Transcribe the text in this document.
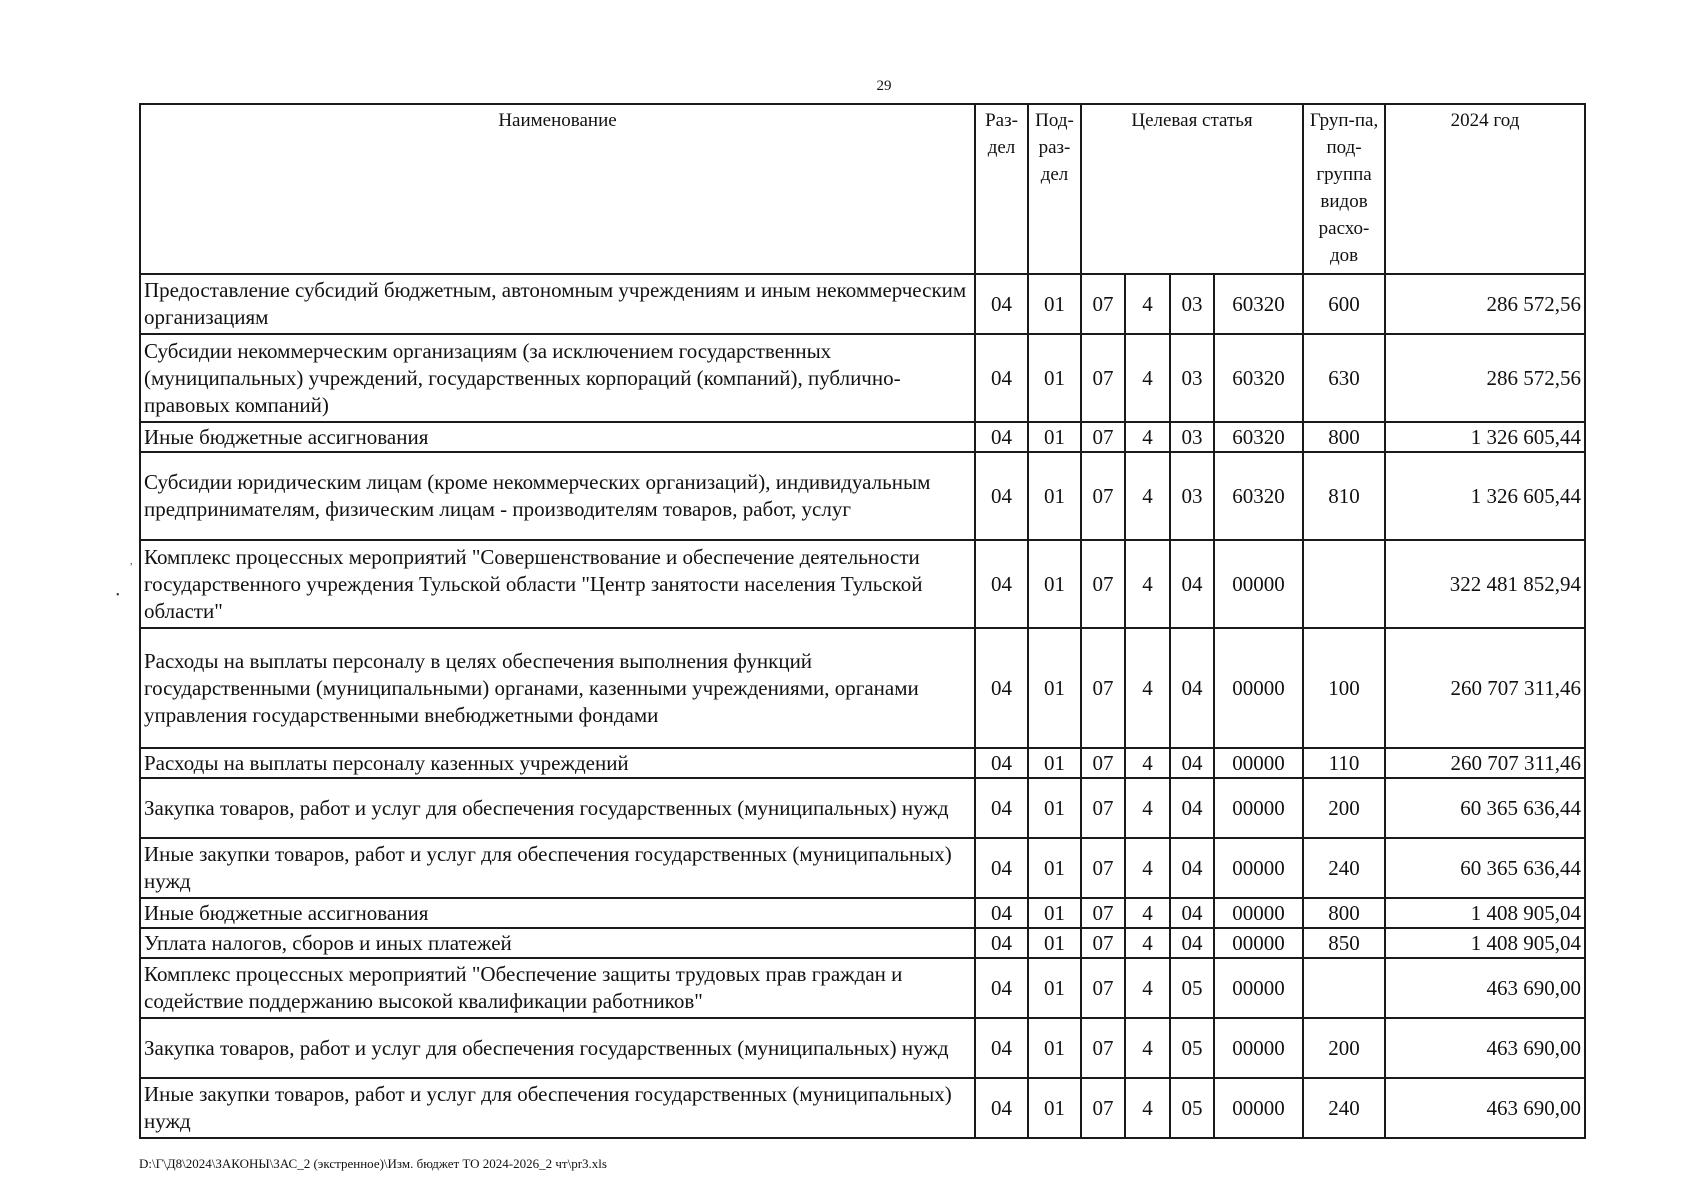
29
,
•
Наименование	Раз-дел	Под-раз-дел	Целевая статья				Груп-па, под-группа видов расхо-дов	2024 год
Предоставление субсидий бюджетным, автономным учреждениям и иным некоммерческим организациям	04	01	07	4	03	60320	600	286 572,56
Субсидии некоммерческим организациям (за исключением государственных (муниципальных) учреждений, государственных корпораций (компаний), публично-правовых компаний)	04	01	07	4	03	60320	630	286 572,56
Иные бюджетные ассигнования	04	01	07	4	03	60320	800	1 326 605,44
Субсидии юридическим лицам (кроме некоммерческих организаций), индивидуальным предпринимателям, физическим лицам - производителям товаров, работ, услуг	04	01	07	4	03	60320	810	1 326 605,44
Комплекс процессных мероприятий "Совершенствование и обеспечение деятельности государственного учреждения Тульской области "Центр занятости населения Тульской области"	04	01	07	4	04	00000		322 481 852,94
Расходы на выплаты персоналу в целях обеспечения выполнения функций государственными (муниципальными) органами, казенными учреждениями, органами управления государственными внебюджетными фондами	04	01	07	4	04	00000	100	260 707 311,46
Расходы на выплаты персоналу казенных учреждений	04	01	07	4	04	00000	110	260 707 311,46
Закупка товаров, работ и услуг для обеспечения государственных (муниципальных) нужд	04	01	07	4	04	00000	200	60 365 636,44
Иные закупки товаров, работ и услуг для обеспечения государственных (муниципальных) нужд	04	01	07	4	04	00000	240	60 365 636,44
Иные бюджетные ассигнования	04	01	07	4	04	00000	800	1 408 905,04
Уплата налогов, сборов и иных платежей	04	01	07	4	04	00000	850	1 408 905,04
Комплекс процессных мероприятий "Обеспечение защиты трудовых прав граждан и содействие поддержанию высокой квалификации работников"	04	01	07	4	05	00000		463 690,00
Закупка товаров, работ и услуг для обеспечения государственных (муниципальных) нужд	04	01	07	4	05	00000	200	463 690,00
Иные закупки товаров, работ и услуг для обеспечения государственных (муниципальных) нужд	04	01	07	4	05	00000	240	463 690,00
D:\Г\Д8\2024\ЗАКОНЫ\ЗАС_2 (экстренное)\Изм. бюджет ТО 2024-2026_2 чт\pr3.xls
